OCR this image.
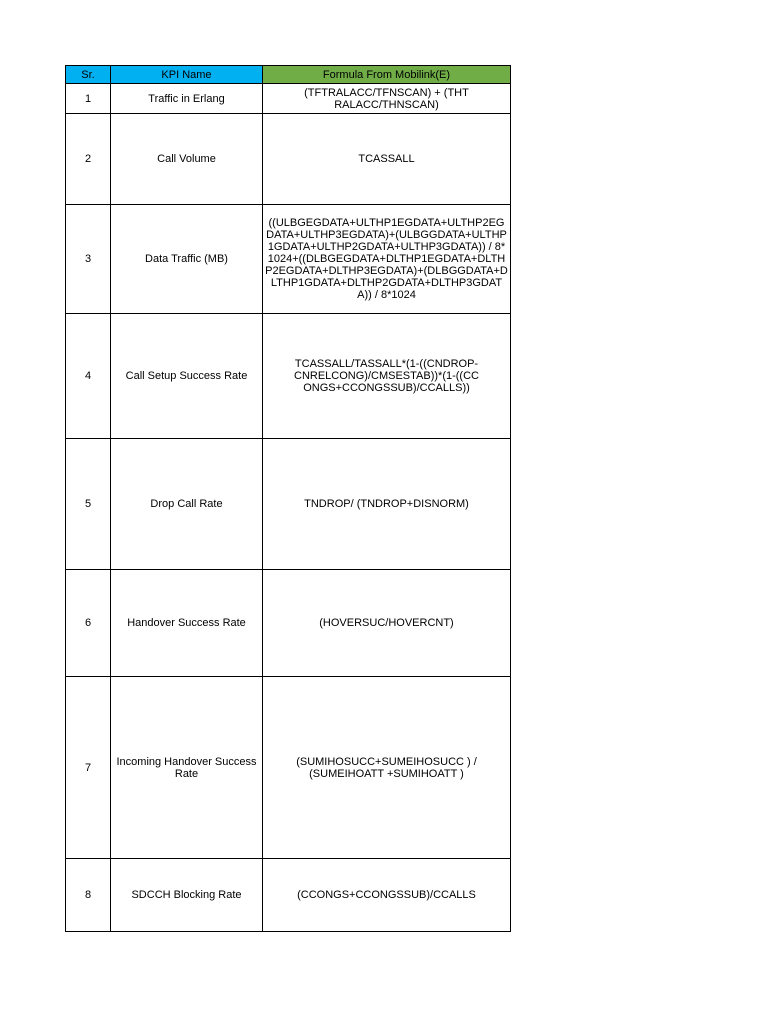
Sr.	KPI Name	Formula From Mobilink(E)
1	Traffic in Erlang	(TFTRALACC/TFNSCAN) + (THTRALACC/THNSCAN)
2	Call Volume	TCASSALL
3	Data Traffic (MB)	((ULBGEGDATA+ULTHP1EGDATA+ULTHP2EGDATA+ULTHP3EGDATA)+(ULBGGDATA+ULTHP1GDATA+ULTHP2GDATA+ULTHP3GDATA)) / 8*1024+((DLBGEGDATA+DLTHP1EGDATA+DLTHP2EGDATA+DLTHP3EGDATA)+(DLBGGDATA+DLTHP1GDATA+DLTHP2GDATA+DLTHP3GDATA)) / 8*1024
4	Call Setup Success Rate	TCASSALL/TASSALL*(1-((CNDROP-CNRELCONG)/CMSESTAB))*(1-((CCONGS+CCONGSSUB)/CCALLS))
5	Drop Call Rate	TNDROP/ (TNDROP+DISNORM)
6	Handover Success Rate	(HOVERSUC/HOVERCNT)
7	Incoming Handover Success Rate	(SUMIHOSUCC+SUMEIHOSUCC ) / (SUMEIHOATT +SUMIHOATT )
8	SDCCH Blocking Rate	(CCONGS+CCONGSSUB)/CCALLS
